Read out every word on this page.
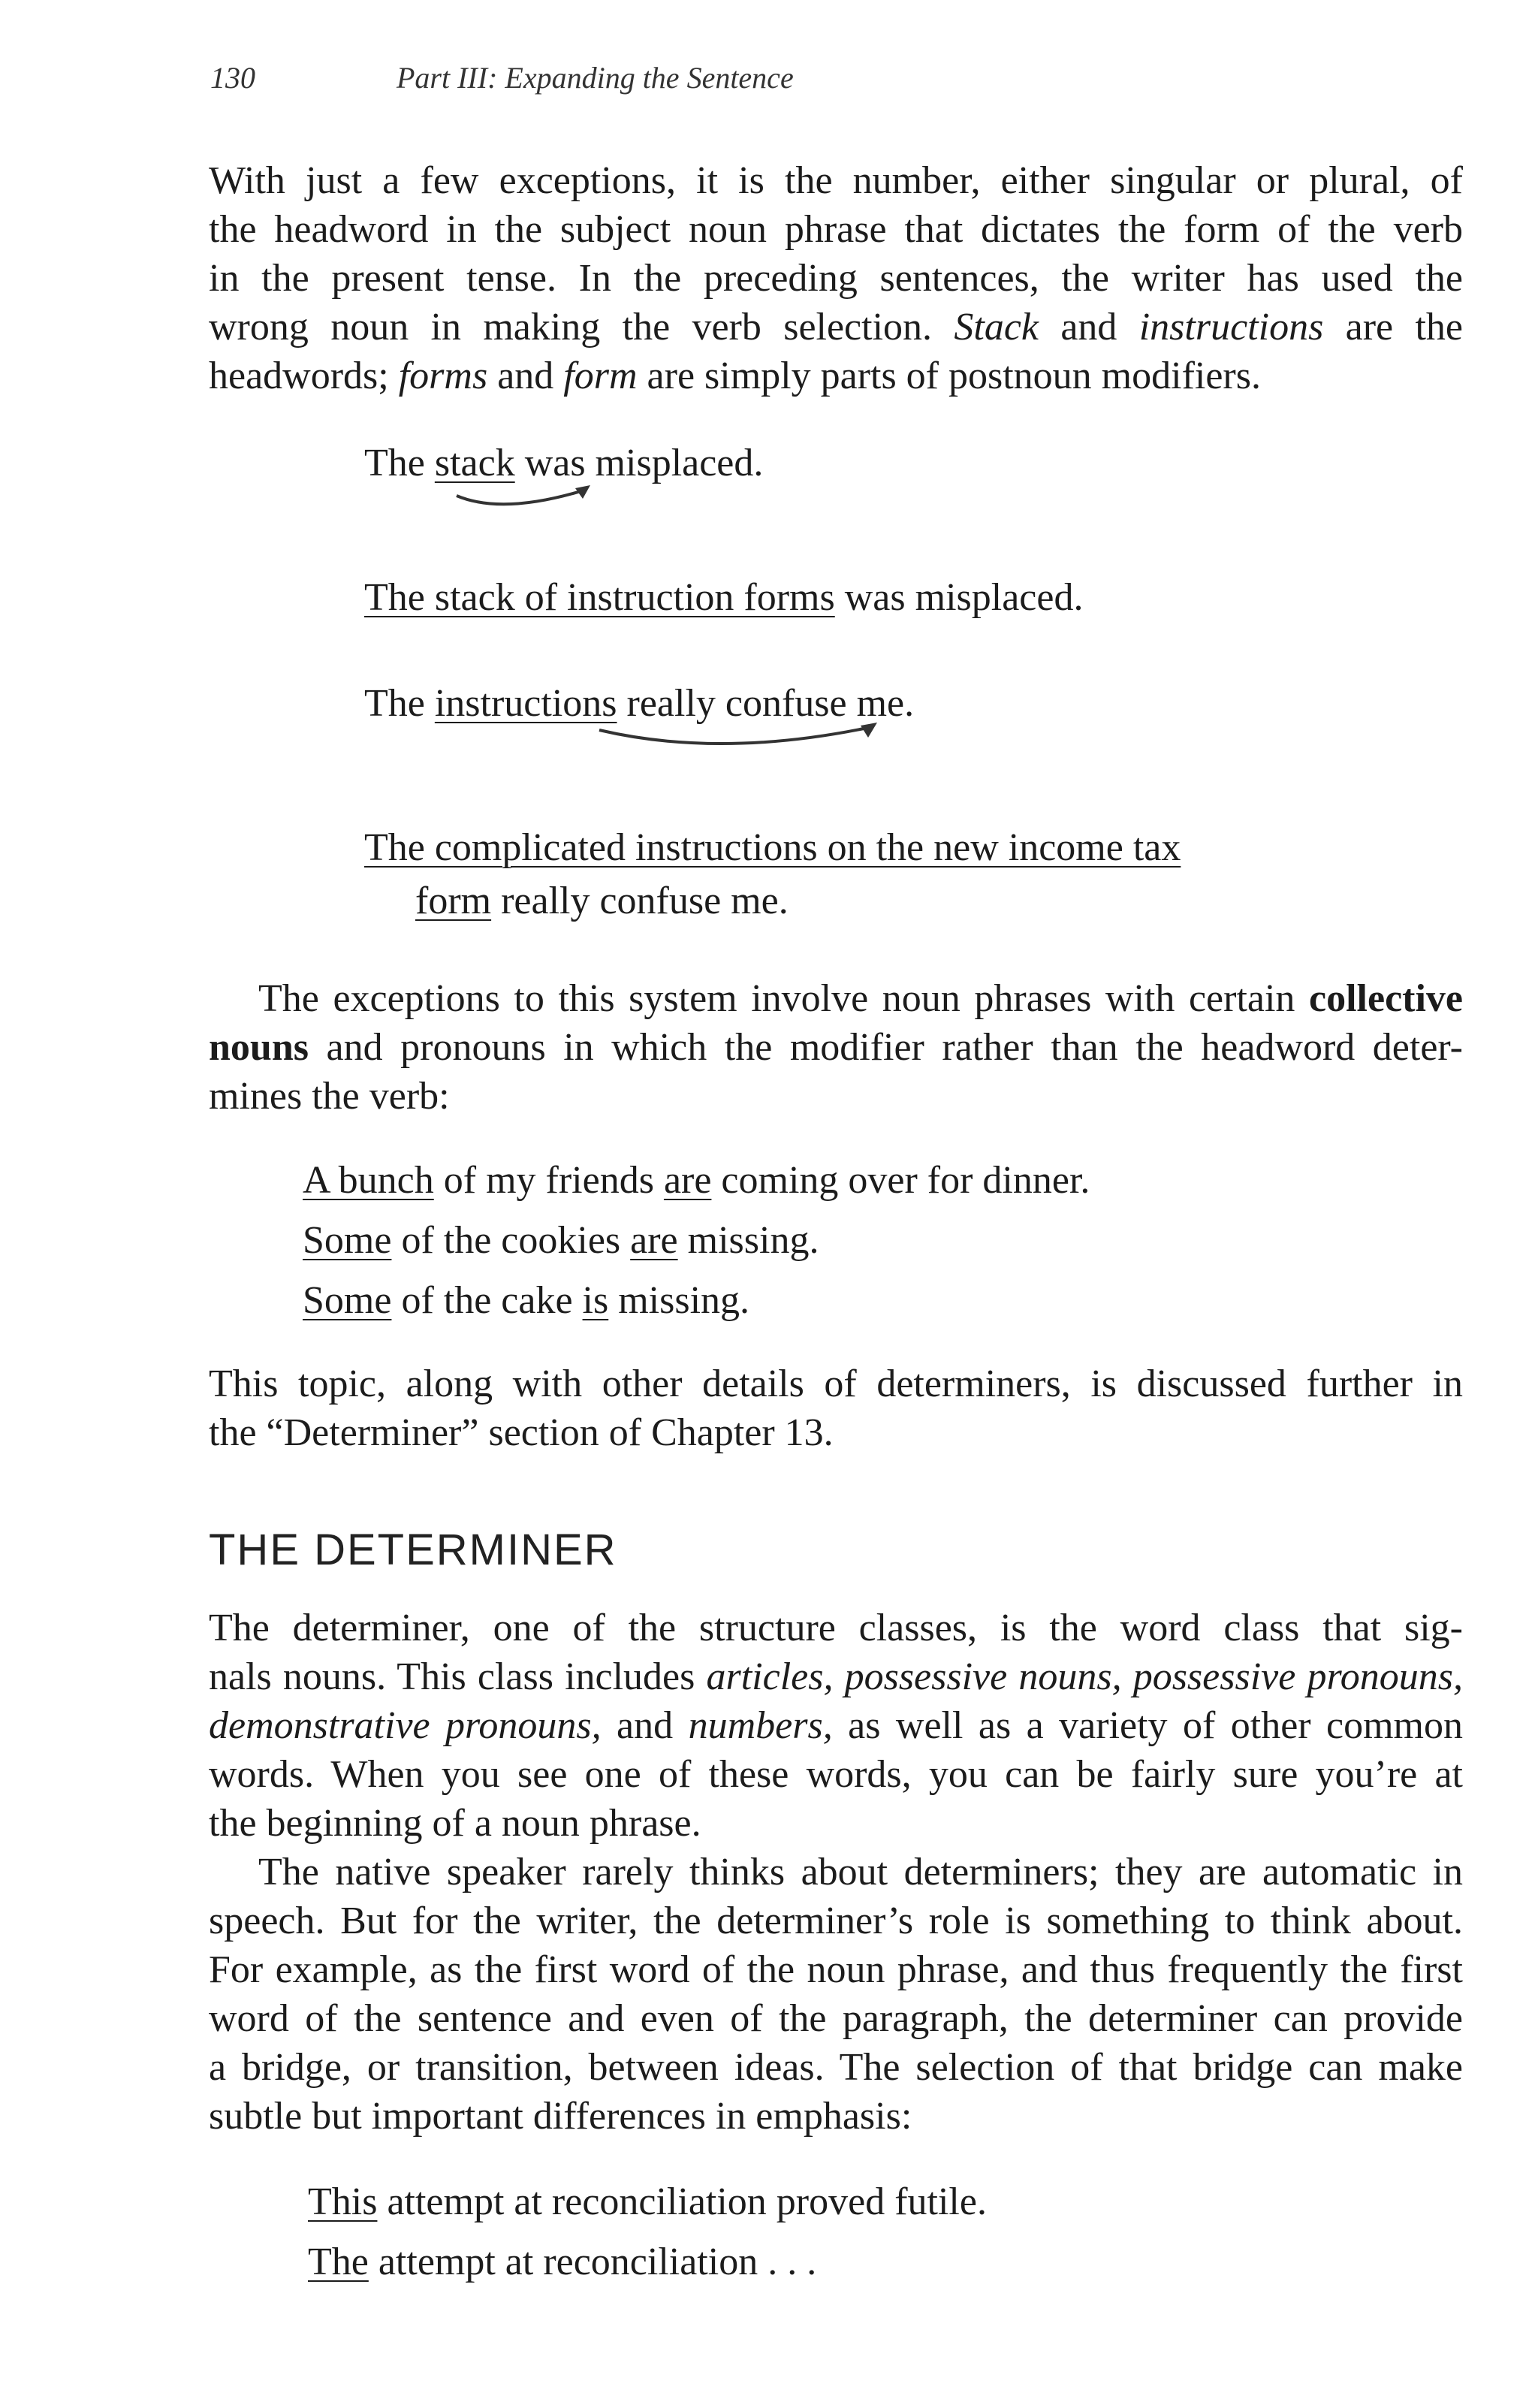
130	Part III: Expanding the Sentence
With just a few exceptions, it is the number, either singular or plural, of
the headword in the subject noun phrase that dictates the form of the verb
in the present tense. In the preceding sentences, the writer has used the
wrong noun in making the verb selection. Stack and instructions are the
headwords; forms and form are simply parts of postnoun modifiers.
The stack was misplaced.
The stack of instruction forms was misplaced.
The instructions really confuse me.
The complicated instructions on the new income tax
form really confuse me.
The exceptions to this system involve noun phrases with certain collective
nouns and pronouns in which the modifier rather than the headword deter-
mines the verb:
A bunch of my friends are coming over for dinner.
Some of the cookies are missing.
Some of the cake is missing.
This topic, along with other details of determiners, is discussed further in
the “Determiner” section of Chapter 13.
THE DETERMINER
The determiner, one of the structure classes, is the word class that sig-
nals nouns. This class includes articles, possessive nouns, possessive pronouns,
demonstrative pronouns, and numbers, as well as a variety of other common
words. When you see one of these words, you can be fairly sure you’re at
the beginning of a noun phrase.
The native speaker rarely thinks about determiners; they are automatic in
speech. But for the writer, the determiner’s role is something to think about.
For example, as the first word of the noun phrase, and thus frequently the first
word of the sentence and even of the paragraph, the determiner can provide
a bridge, or transition, between ideas. The selection of that bridge can make
subtle but important differences in emphasis:
This attempt at reconciliation proved futile.
The attempt at reconciliation . . .
